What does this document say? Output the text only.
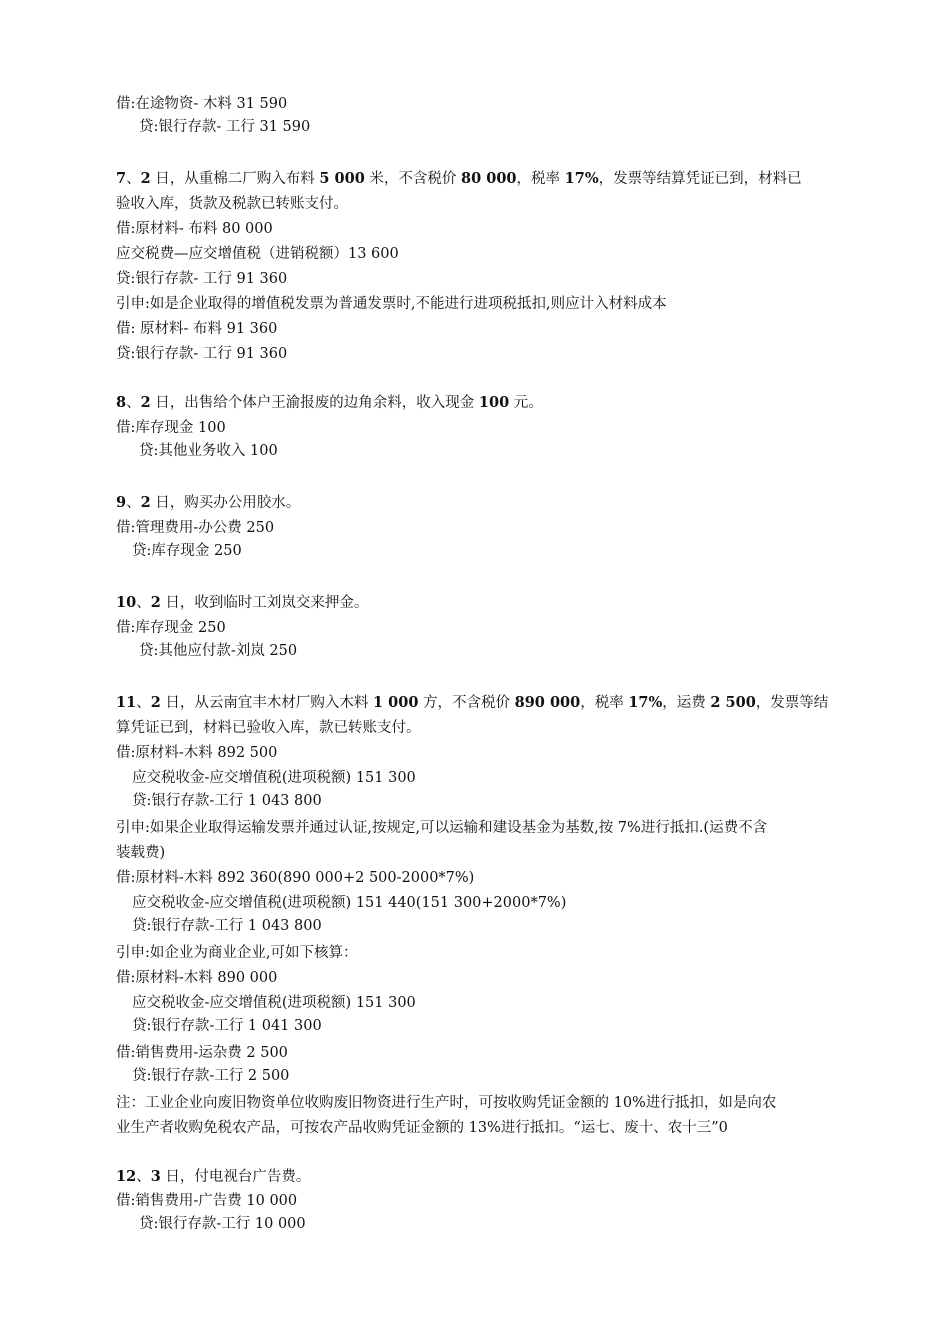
借:在途物资- 木料 31 590
贷:银行存款- 工行 31 590
7、2 日，从重棉二厂购入布料 5 000 米，不含税价 80 000，税率 17%，发票等结算凭证已到，材料已
验收入库，货款及税款已转账支付。
借:原材料- 布料 80 000
应交税费—应交增值税（进销税额）13 600
贷:银行存款- 工行 91 360
引申:如是企业取得的增值税发票为普通发票时,不能进行进项税抵扣,则应计入材料成本
借: 原材料- 布料 91 360
贷:银行存款- 工行 91 360
8、2 日，出售给个体户王渝报废的边角余料，收入现金 100 元。
借:库存现金 100
贷:其他业务收入 100
9、2 日，购买办公用胶水。
借:管理费用-办公费 250
贷:库存现金 250
10、2 日，收到临时工刘岚交来押金。
借:库存现金 250
贷:其他应付款-刘岚 250
11、2 日，从云南宜丰木材厂购入木料 1 000 方，不含税价 890 000，税率 17%，运费 2 500，发票等结
算凭证已到，材料已验收入库，款已转账支付。
借:原材料-木料 892 500
应交税收金-应交增值税(进项税额) 151 300
贷:银行存款-工行 1 043 800
引申:如果企业取得运输发票并通过认证,按规定,可以运输和建设基金为基数,按 7%进行抵扣.(运费不含
装载费)
借:原材料-木料 892 360(890 000+2 500-2000*7%)
应交税收金-应交增值税(进项税额) 151 440(151 300+2000*7%)
贷:银行存款-工行 1 043 800
引申:如企业为商业企业,可如下核算：
借:原材料-木料 890 000
应交税收金-应交增值税(进项税额) 151 300
贷:银行存款-工行 1 041 300
借:销售费用-运杂费 2 500
贷:银行存款-工行 2 500
注：工业企业向废旧物资单位收购废旧物资进行生产时，可按收购凭证金额的 10%进行抵扣，如是向农
业生产者收购免税农产品，可按农产品收购凭证金额的 13%进行抵扣。“运七、废十、农十三”0
12、3 日，付电视台广告费。
借:销售费用-广告费 10 000
贷:银行存款-工行 10 000
